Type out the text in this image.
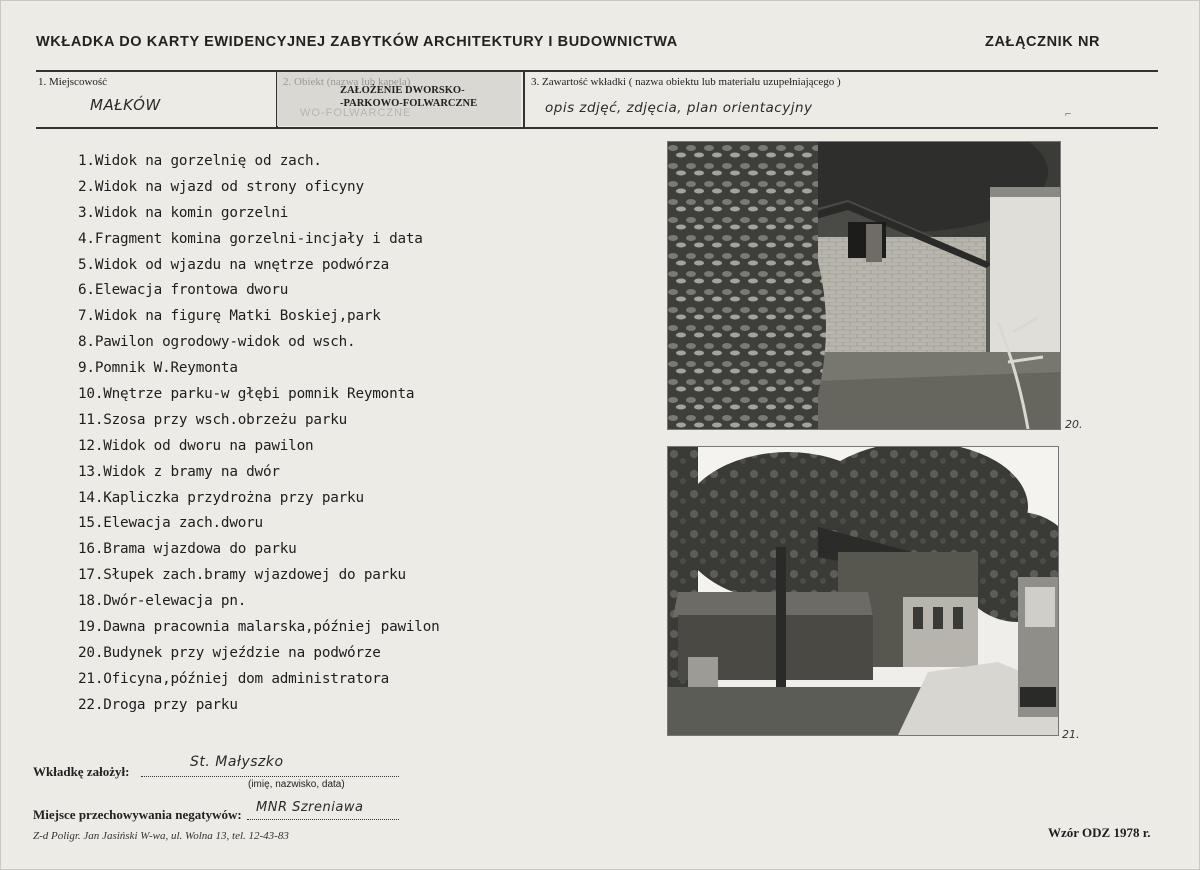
WKŁADKA DO KARTY EWIDENCYJNEJ ZABYTKÓW ARCHITEKTURY I BUDOWNICTWA	ZAŁĄCZNIK NR
1. Miejscowość
MAŁKÓW
2. Obiekt (nazwa lub kapela)
WO-FOLWARCZNE
ZAŁOŻENIE DWORSKO-
-PARKOWO-FOLWARCZNE
3. Zawartość wkładki ( nazwa obiektu lub materiału uzupełniającego )
opis zdjęć, zdjęcia, plan orientacyjny	⌐
1.Widok na gorzelnię od zach.
2.Widok na wjazd od strony oficyny
3.Widok na komin gorzelni
4.Fragment komina gorzelni-incjały i data
5.Widok od wjazdu na wnętrze podwórza
6.Elewacja frontowa dworu
7.Widok na figurę Matki Boskiej,park
8.Pawilon ogrodowy-widok od wsch.
9.Pomnik W.Reymonta
10.Wnętrze parku-w głębi pomnik Reymonta
11.Szosa przy wsch.obrzeżu parku
12.Widok od dworu na pawilon
13.Widok z bramy na dwór
14.Kapliczka przydrożna przy parku
15.Elewacja zach.dworu
16.Brama wjazdowa do parku
17.Słupek zach.bramy wjazdowej do parku
18.Dwór-elewacja pn.
19.Dawna pracownia malarska,później pawilon
20.Budynek przy wjeździe na podwórze
21.Oficyna,później dom administratora
22.Droga przy parku
20.
21.
Wkładkę założył:
St. Małyszko
(imię, nazwisko, data)
Miejsce przechowywania negatywów: MNR Szreniawa
Z-d Poligr. Jan Jasiński W-wa, ul. Wolna 13, tel. 12-43-83	Wzór ODZ 1978 r.
